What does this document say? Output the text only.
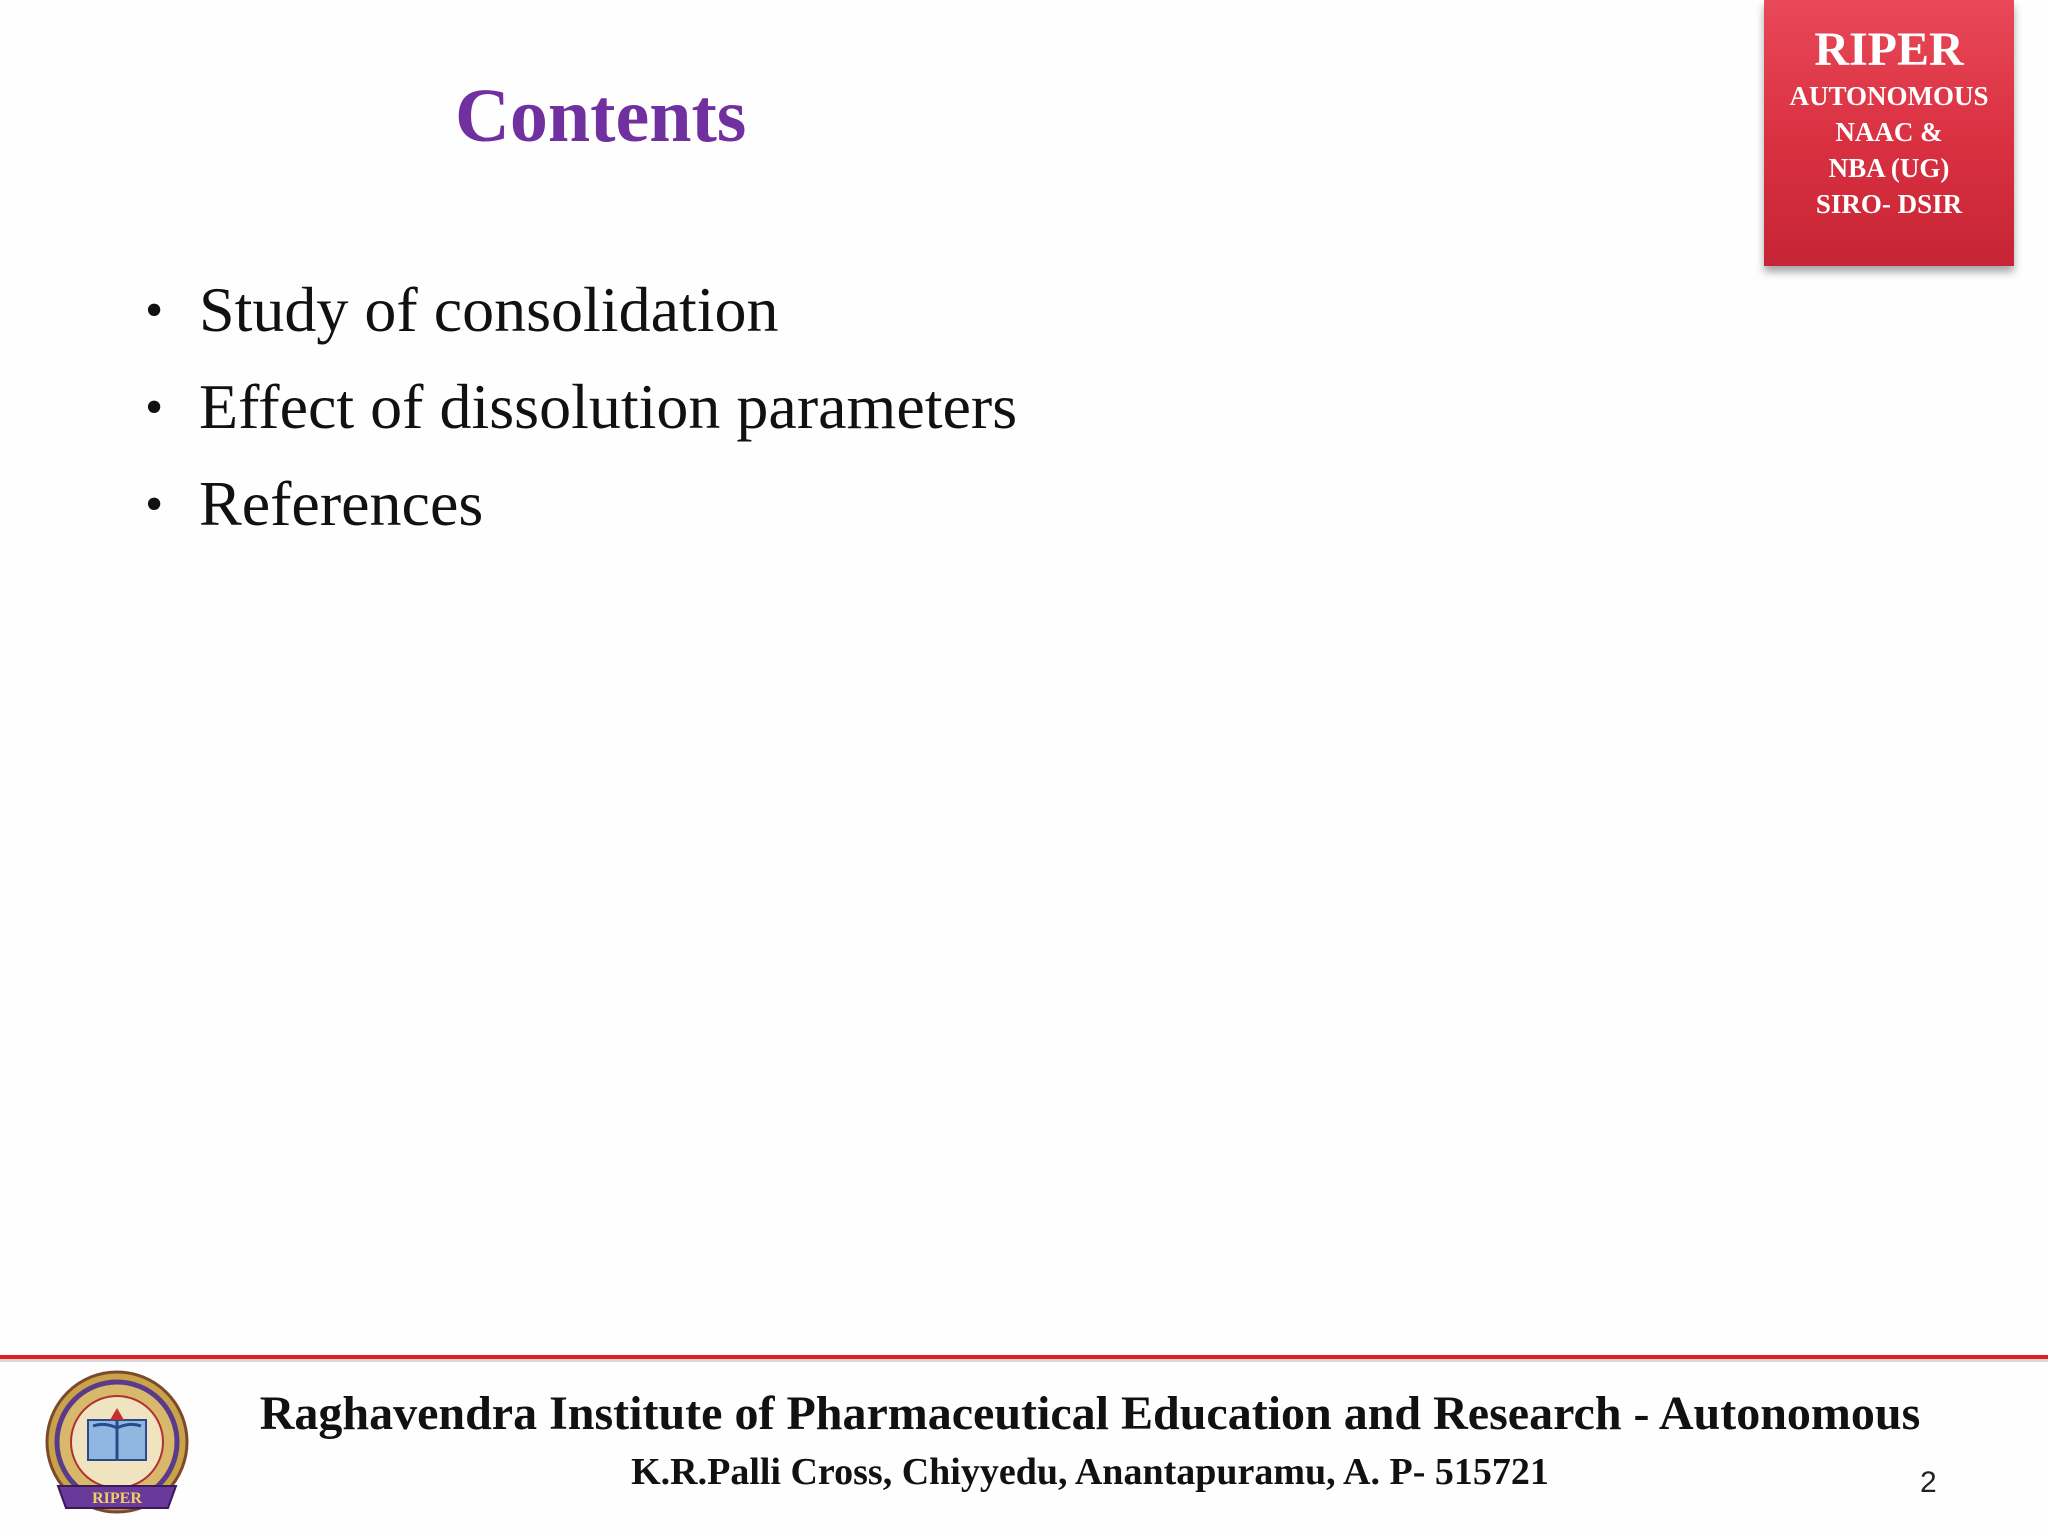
Contents
RIPER
AUTONOMOUS
NAAC &
NBA (UG)
SIRO- DSIR
• Study of consolidation
• Effect of dissolution parameters
• References
RIPER
Raghavendra Institute of Pharmaceutical Education and Research - Autonomous
K.R.Palli Cross, Chiyyedu, Anantapuramu, A. P- 515721	2
